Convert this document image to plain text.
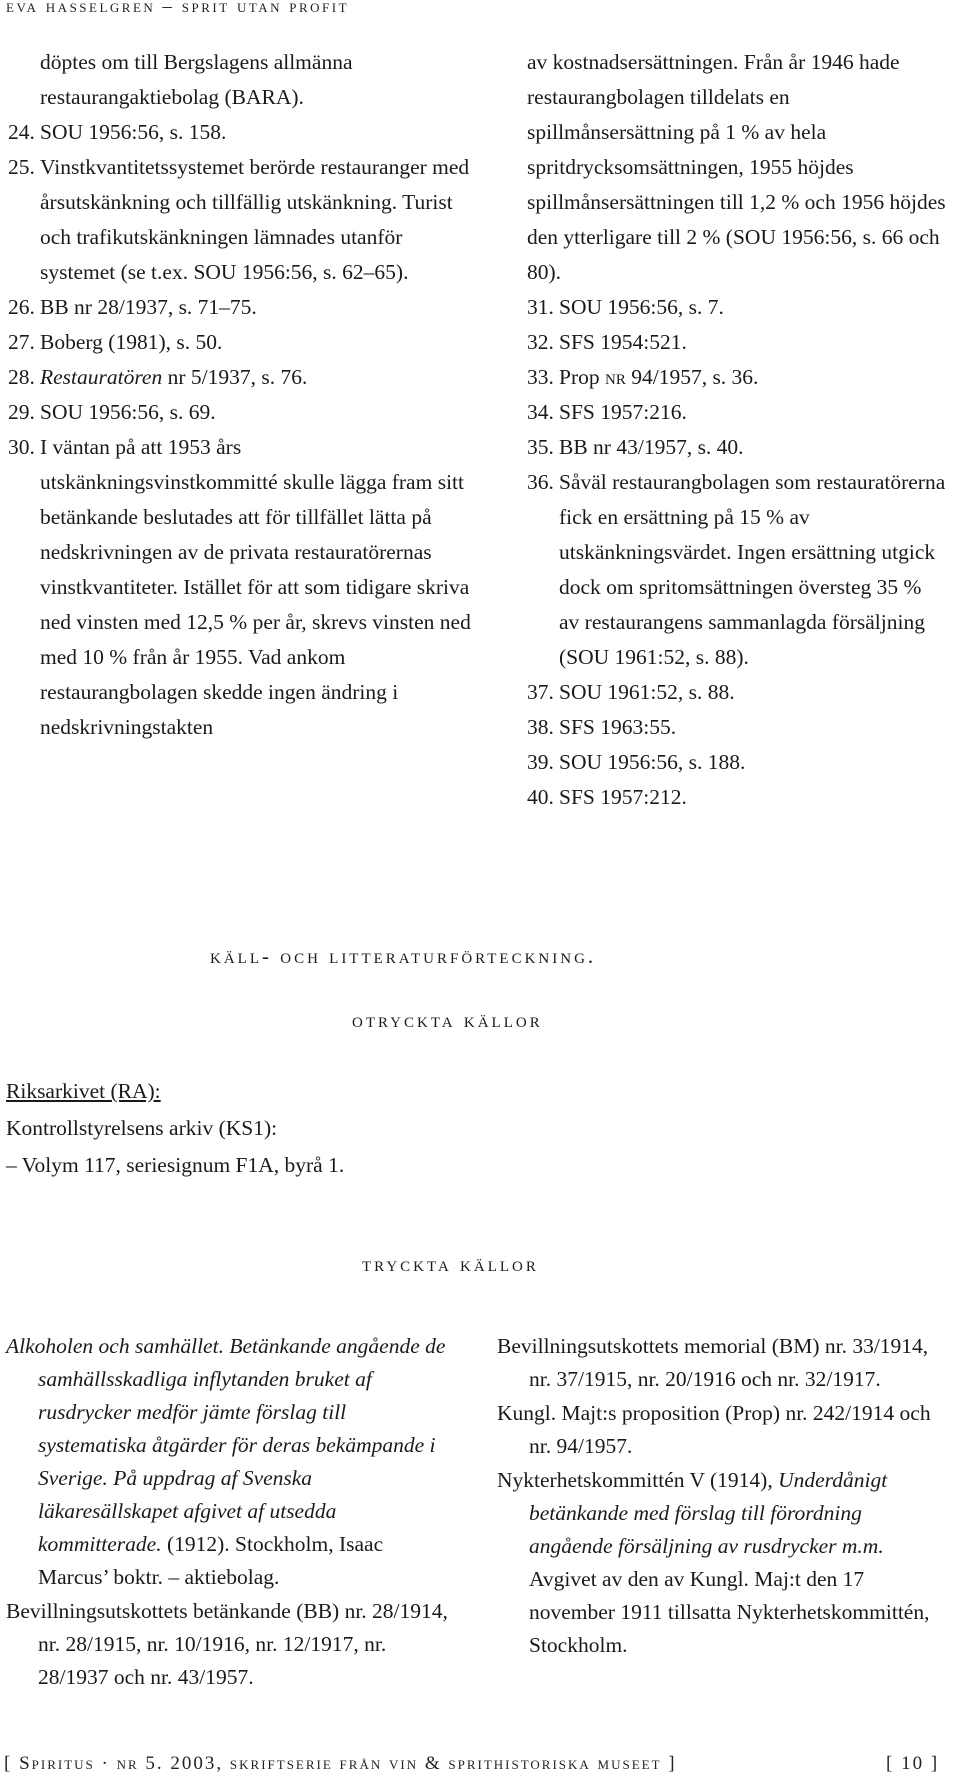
eva hasselgren – sprit utan profit
döptes om till Bergslagens allmänna restaurangaktiebolag (BARA).
24. SOU 1956:56, s. 158.
25. Vinstkvantitetssystemet berörde restauranger med årsutskänkning och tillfällig utskänkning. Turist och trafikutskänkningen lämnades utanför systemet (se t.ex. SOU 1956:56, s. 62–65).
26. BB nr 28/1937, s. 71–75.
27. Boberg (1981), s. 50.
28. Restauratören nr 5/1937, s. 76.
29. SOU 1956:56, s. 69.
30. I väntan på att 1953 års utskänkningsvinstkommitté skulle lägga fram sitt betänkande beslutades att för tillfället lätta på nedskrivningen av de privata restauratörernas vinstkvantiteter. Istället för att som tidigare skriva ned vinsten med 12,5 % per år, skrevs vinsten ned med 10 % från år 1955. Vad ankom restaurangbolagen skedde ingen ändring i nedskrivningstakten
av kostnadsersättningen. Från år 1946 hade restaurangbolagen tilldelats en spillmånsersättning på 1 % av hela spritdrycksomsättningen, 1955 höjdes spillmånsersättningen till 1,2 % och 1956 höjdes den ytterligare till 2 % (SOU 1956:56, s. 66 och 80).
31. SOU 1956:56, s. 7.
32. SFS 1954:521.
33. Prop nr 94/1957, s. 36.
34. SFS 1957:216.
35. BB nr 43/1957, s. 40.
36. Såväl restaurangbolagen som restauratörerna fick en ersättning på 15 % av utskänkningsvärdet. Ingen ersättning utgick dock om spritomsättningen översteg 35 % av restaurangens sammanlagda försäljning (SOU 1961:52, s. 88).
37. SOU 1961:52, s. 88.
38. SFS 1963:55.
39. SOU 1956:56, s. 188.
40. SFS 1957:212.
käll- och litteraturförteckning.
otryckta källor
Riksarkivet (RA):
Kontrollstyrelsens arkiv (KS1):
– Volym 117, seriesignum F1A, byrå 1.
tryckta källor
Alkoholen och samhället. Betänkande angående de samhällsskadliga inflytanden bruket af rusdrycker medför jämte förslag till systematiska åtgärder för deras bekämpande i Sverige. På uppdrag af Svenska läkaresällskapet afgivet af utsedda kommitterade. (1912). Stockholm, Isaac Marcus’ boktr. – aktiebolag.
Bevillningsutskottets betänkande (BB) nr. 28/1914, nr. 28/1915, nr. 10/1916, nr. 12/1917, nr. 28/1937 och nr. 43/1957.
Bevillningsutskottets memorial (BM) nr. 33/1914, nr. 37/1915, nr. 20/1916 och nr. 32/1917.
Kungl. Majt:s proposition (Prop) nr. 242/1914 och nr. 94/1957.
Nykterhetskommittén V (1914), Underdånigt betänkande med förslag till förordning angående försäljning av rusdrycker m.m. Avgivet av den av Kungl. Maj:t den 17 november 1911 tillsatta Nykterhetskommittén, Stockholm.
[ Spiritus · nr 5. 2003, skriftserie från vin & sprithistoriska museet ]	[ 10 ]
